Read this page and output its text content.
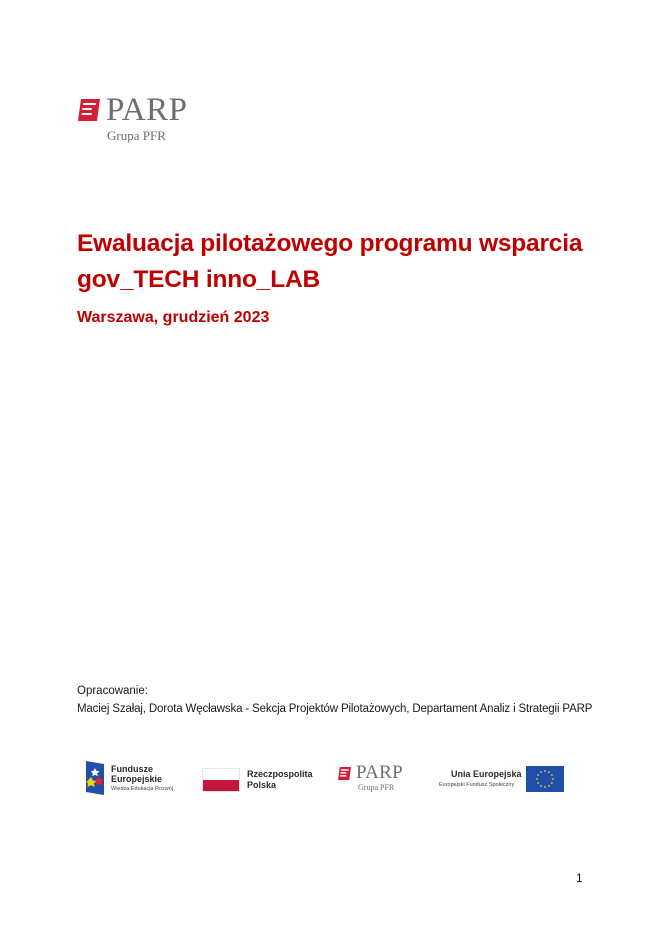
PARP
Grupa PFR
Ewaluacja pilotażowego programu wsparcia
gov_TECH inno_LAB
Warszawa, grudzień 2023
Opracowanie:
Maciej Szałaj, Dorota Węcławska - Sekcja Projektów Pilotażowych, Departament Analiz i Strategii PARP
Fundusze
Europejskie
Wiedza Edukacja Rozwój
Rzeczpospolita
Polska
PARP
Grupa PFR
Unia Europejska
Europejski Fundusz Społeczny
1
